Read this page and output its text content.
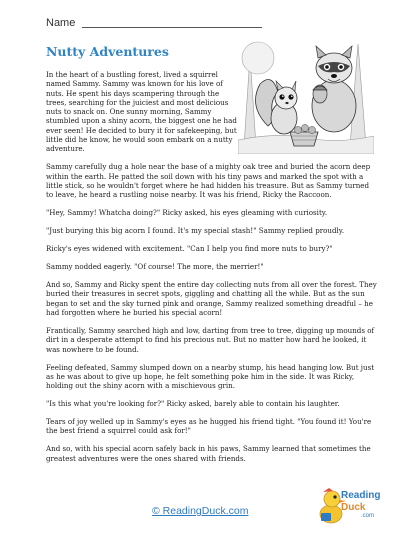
Name
Nutty Adventures

In the heart of a bustling forest, lived a squirrel named Sammy. Sammy was known for his love of nuts. He spent his days scampering through the trees, searching for the juiciest and most delicious nuts to snack on. One sunny morning, Sammy stumbled upon a shiny acorn, the biggest one he had ever seen! He decided to bury it for safekeeping, but little did he know, he would soon embark on a nutty adventure.

Sammy carefully dug a hole near the base of a mighty oak tree and buried the acorn deep within the earth. He patted the soil down with his tiny paws and marked the spot with a little stick, so he wouldn't forget where he had hidden his treasure. But as Sammy turned to leave, he heard a rustling noise nearby. It was his friend, Ricky the Raccoon.

"Hey, Sammy! Whatcha doing?" Ricky asked, his eyes gleaming with curiosity.

"Just burying this big acorn I found. It's my special stash!" Sammy replied proudly.

Ricky's eyes widened with excitement. "Can I help you find more nuts to bury?"

Sammy nodded eagerly. "Of course! The more, the merrier!"

And so, Sammy and Ricky spent the entire day collecting nuts from all over the forest. They buried their treasures in secret spots, giggling and chatting all the while. But as the sun began to set and the sky turned pink and orange, Sammy realized something dreadful – he had forgotten where he buried his special acorn!

Frantically, Sammy searched high and low, darting from tree to tree, digging up mounds of dirt in a desperate attempt to find his precious nut. But no matter how hard he looked, it was nowhere to be found.

Feeling defeated, Sammy slumped down on a nearby stump, his head hanging low. But just as he was about to give up hope, he felt something poke him in the side. It was Ricky, holding out the shiny acorn with a mischievous grin.

"Is this what you're looking for?" Ricky asked, barely able to contain his laughter.

Tears of joy welled up in Sammy's eyes as he hugged his friend tight. "You found it! You're the best friend a squirrel could ask for!"

And so, with his special acorn safely back in his paws, Sammy learned that sometimes the greatest adventures were the ones shared with friends.

© ReadingDuck.com
Reading
Duck
.com
